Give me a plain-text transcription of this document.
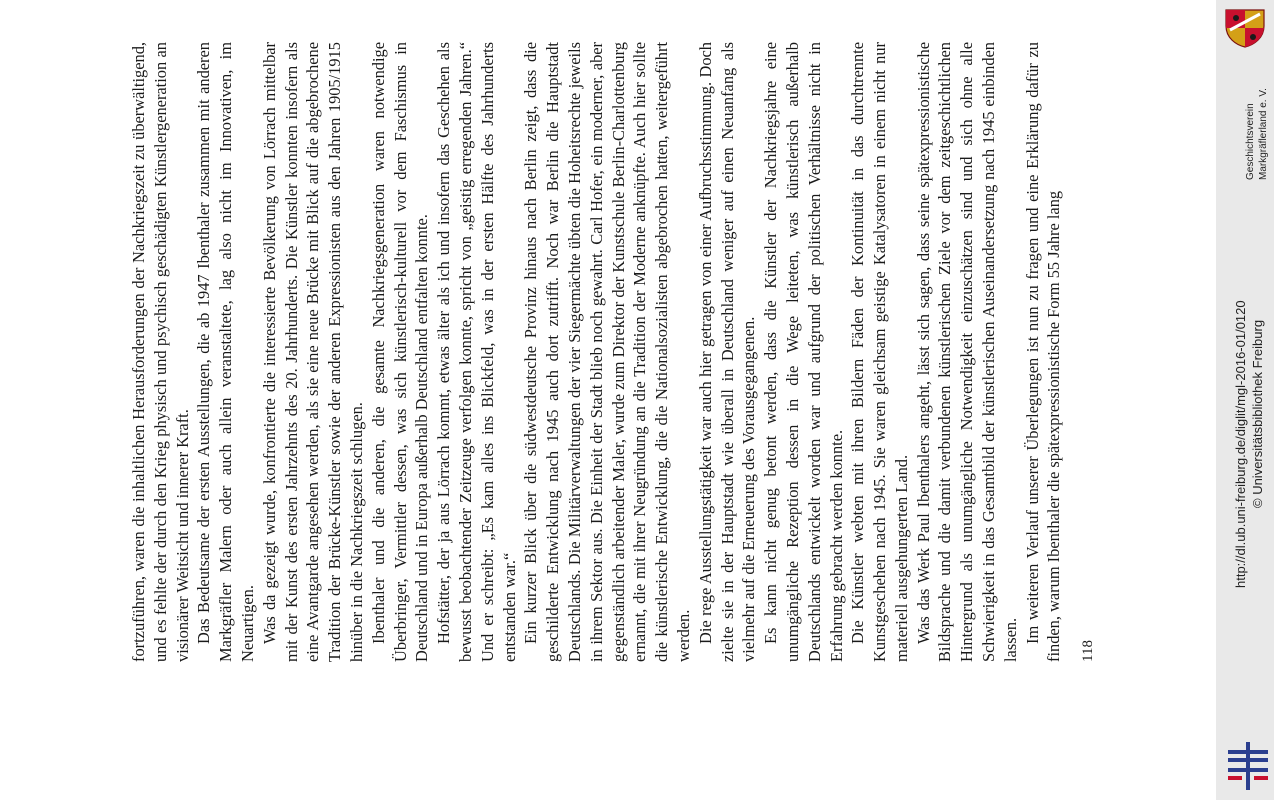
fortzuführen, waren die inhaltlichen Herausforderungen der Nachkriegszeit zu überwältigend, und es fehlte der durch den Krieg physisch und psychisch geschädigten Künstlergeneration an visionärer Weitsicht und innerer Kraft. Das Bedeutsame der ersten Ausstellungen, die ab 1947 Ibenthaler zusammen mit anderen Markgräfler Malern oder auch allein veranstaltete, lag also nicht im Innovativen, im Neuartigen. Was da gezeigt wurde, konfrontierte die interessierte Bevölkerung von Lörrach mittelbar mit der Kunst des ersten Jahrzehnts des 20. Jahrhunderts. Die Künstler konnten insofern als eine Avantgarde angesehen werden, als sie eine neue Brücke mit Blick auf die abgebrochene Tradition der Brücke-Künstler sowie der anderen Expressionisten aus den Jahren 1905/1915 hinüber in die Nachkriegszeit schlugen. Ibenthaler und die anderen, die gesamte Nachkriegsgeneration waren notwendige Überbringer, Vermittler dessen, was sich künstlerisch-kulturell vor dem Faschismus in Deutschland und in Europa außerhalb Deutschland entfalten konnte. Hofstätter, der ja aus Lörrach kommt, etwas älter als ich und insofern das Geschehen als bewusst beobachtender Zeitzeuge verfolgen konnte, spricht von „geistig erregenden Jahren.“ Und er schreibt: „Es kam alles ins Blickfeld, was in der ersten Hälfte des Jahrhunderts entstanden war.“ Ein kurzer Blick über die südwestdeutsche Provinz hinaus nach Berlin zeigt, dass die geschilderte Entwicklung nach 1945 auch dort zutrifft. Noch war Berlin die Hauptstadt Deutschlands. Die Militärverwaltungen der vier Siegermächte übten die Hoheitsrechte jeweils in ihrem Sektor aus. Die Einheit der Stadt blieb noch gewahrt. Carl Hofer, ein moderner, aber gegenständlich arbeitender Maler, wurde zum Direktor der Kunstschule Berlin-Charlottenburg ernannt, die mit ihrer Neugründung an die Tradition der Moderne anknüpfte. Auch hier sollte die künstlerische Entwicklung, die die Nationalsozialisten abgebrochen hatten, weitergeführt werden. Die rege Ausstellungstätigkeit war auch hier getragen von einer Aufbruchsstimmung. Doch zielte sie in der Hauptstadt wie überall in Deutschland weniger auf einen Neuanfang als vielmehr auf die Erneuerung des Vorausgegangenen. Es kann nicht genug betont werden, dass die Künstler der Nachkriegsjahre eine unumgängliche Rezeption dessen in die Wege leiteten, was künstlerisch außerhalb Deutschlands entwickelt worden war und aufgrund der politischen Verhältnisse nicht in Erfahrung gebracht werden konnte. Die Künstler webten mit ihren Bildern Fäden der Kontinuität in das durchtrennte Kunstgeschehen nach 1945. Sie waren gleichsam geistige Katalysatoren in einem nicht nur materiell ausgehungerten Land. Was das Werk Paul Ibenthalers angeht, lässt sich sagen, dass seine spätexpressionistische Bildsprache und die damit verbundenen künstlerischen Ziele vor dem zeitgeschichtlichen Hintergrund als unumgängliche Notwendigkeit einzuschätzen sind und sich ohne alle Schwierigkeit in das Gesamtbild der künstlerischen Auseinandersetzung nach 1945 einbinden lassen. Im weiteren Verlauf unserer Überlegungen ist nun zu fragen und eine Erklärung dafür zu finden, warum Ibenthaler die spätexpressionistische Form 55 Jahre lang 118
Geschichtsverein Markgräflerland e. V.
http://dl.ub.uni-freiburg.de/diglit/mgl-2016-01/0120 © Universitätsbibliothek Freiburg
